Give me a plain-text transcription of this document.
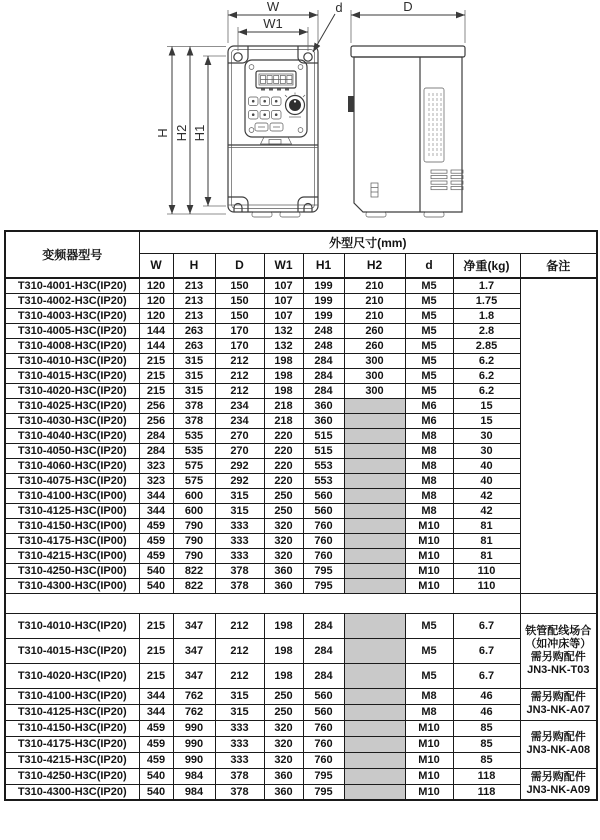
W
W1
d	D
H H2 H1
变频器型号	外型尺寸(mm)								
	W	H	D	W1	H1	H2	d	净重(kg)	备注
T310-4001-H3C(IP20)	120	213	150	107	199	210	M5	1.7	
T310-4002-H3C(IP20)	120	213	150	107	199	210	M5	1.75	
T310-4003-H3C(IP20)	120	213	150	107	199	210	M5	1.8	
T310-4005-H3C(IP20)	144	263	170	132	248	260	M5	2.8	
T310-4008-H3C(IP20)	144	263	170	132	248	260	M5	2.85	
T310-4010-H3C(IP20)	215	315	212	198	284	300	M5	6.2	
T310-4015-H3C(IP20)	215	315	212	198	284	300	M5	6.2	
T310-4020-H3C(IP20)	215	315	212	198	284	300	M5	6.2	
T310-4025-H3C(IP20)	256	378	234	218	360		M6	15	
T310-4030-H3C(IP20)	256	378	234	218	360		M6	15	
T310-4040-H3C(IP20)	284	535	270	220	515		M8	30	
T310-4050-H3C(IP20)	284	535	270	220	515		M8	30	
T310-4060-H3C(IP20)	323	575	292	220	553		M8	40	
T310-4075-H3C(IP20)	323	575	292	220	553		M8	40	
T310-4100-H3C(IP00)	344	600	315	250	560		M8	42	
T310-4125-H3C(IP00)	344	600	315	250	560		M8	42	
T310-4150-H3C(IP00)	459	790	333	320	760		M10	81	
T310-4175-H3C(IP00)	459	790	333	320	760		M10	81	
T310-4215-H3C(IP00)	459	790	333	320	760		M10	81	
T310-4250-H3C(IP00)	540	822	378	360	795		M10	110	
T310-4300-H3C(IP00)	540	822	378	360	795		M10	110	

T310-4010-H3C(IP20)	215	347	212	198	284		M5	6.7	铁管配线场合
（如冲床等）
需另购配件
JN3-NK-T03
T310-4015-H3C(IP20)	215	347	212	198	284		M5	6.7	
T310-4020-H3C(IP20)	215	347	212	198	284		M5	6.7	
T310-4100-H3C(IP20)	344	762	315	250	560		M8	46	需另购配件
JN3-NK-A07
T310-4125-H3C(IP20)	344	762	315	250	560		M8	46	
T310-4150-H3C(IP20)	459	990	333	320	760		M10	85	需另购配件
JN3-NK-A08
T310-4175-H3C(IP20)	459	990	333	320	760		M10	85	
T310-4215-H3C(IP20)	459	990	333	320	760		M10	85	
T310-4250-H3C(IP20)	540	984	378	360	795		M10	118	需另购配件
JN3-NK-A09
T310-4300-H3C(IP20)	540	984	378	360	795		M10	118	
